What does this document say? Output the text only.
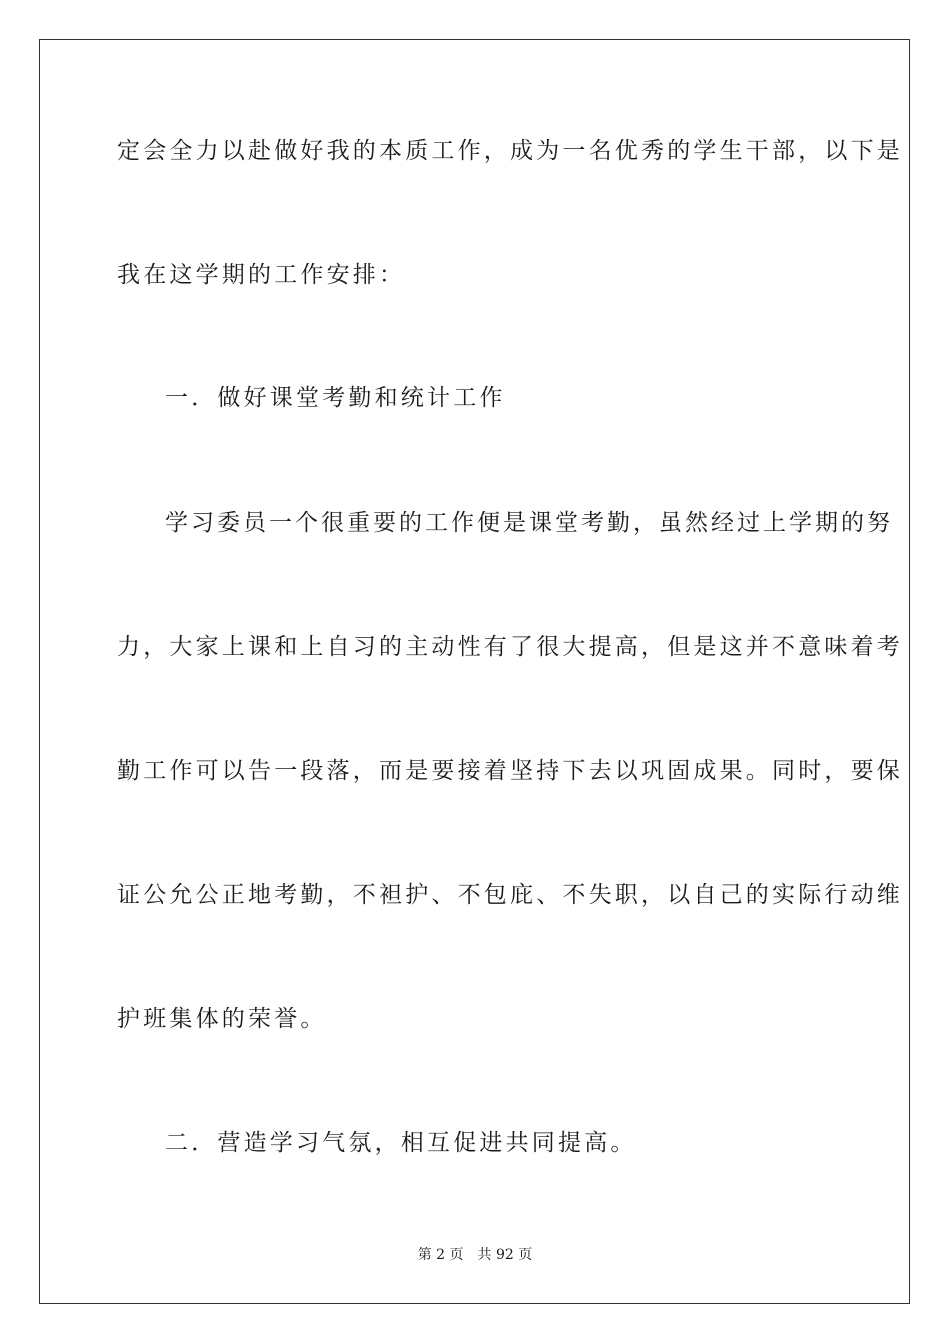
定会全力以赴做好我的本质工作，成为一名优秀的学生干部，以下是
我在这学期的工作安排：
一．做好课堂考勤和统计工作
学习委员一个很重要的工作便是课堂考勤，虽然经过上学期的努
力，大家上课和上自习的主动性有了很大提高，但是这并不意味着考
勤工作可以告一段落，而是要接着坚持下去以巩固成果。同时，要保
证公允公正地考勤，不袒护、不包庇、不失职，以自己的实际行动维
护班集体的荣誉。
二．营造学习气氛，相互促进共同提高。
第 2 页　共 92 页
